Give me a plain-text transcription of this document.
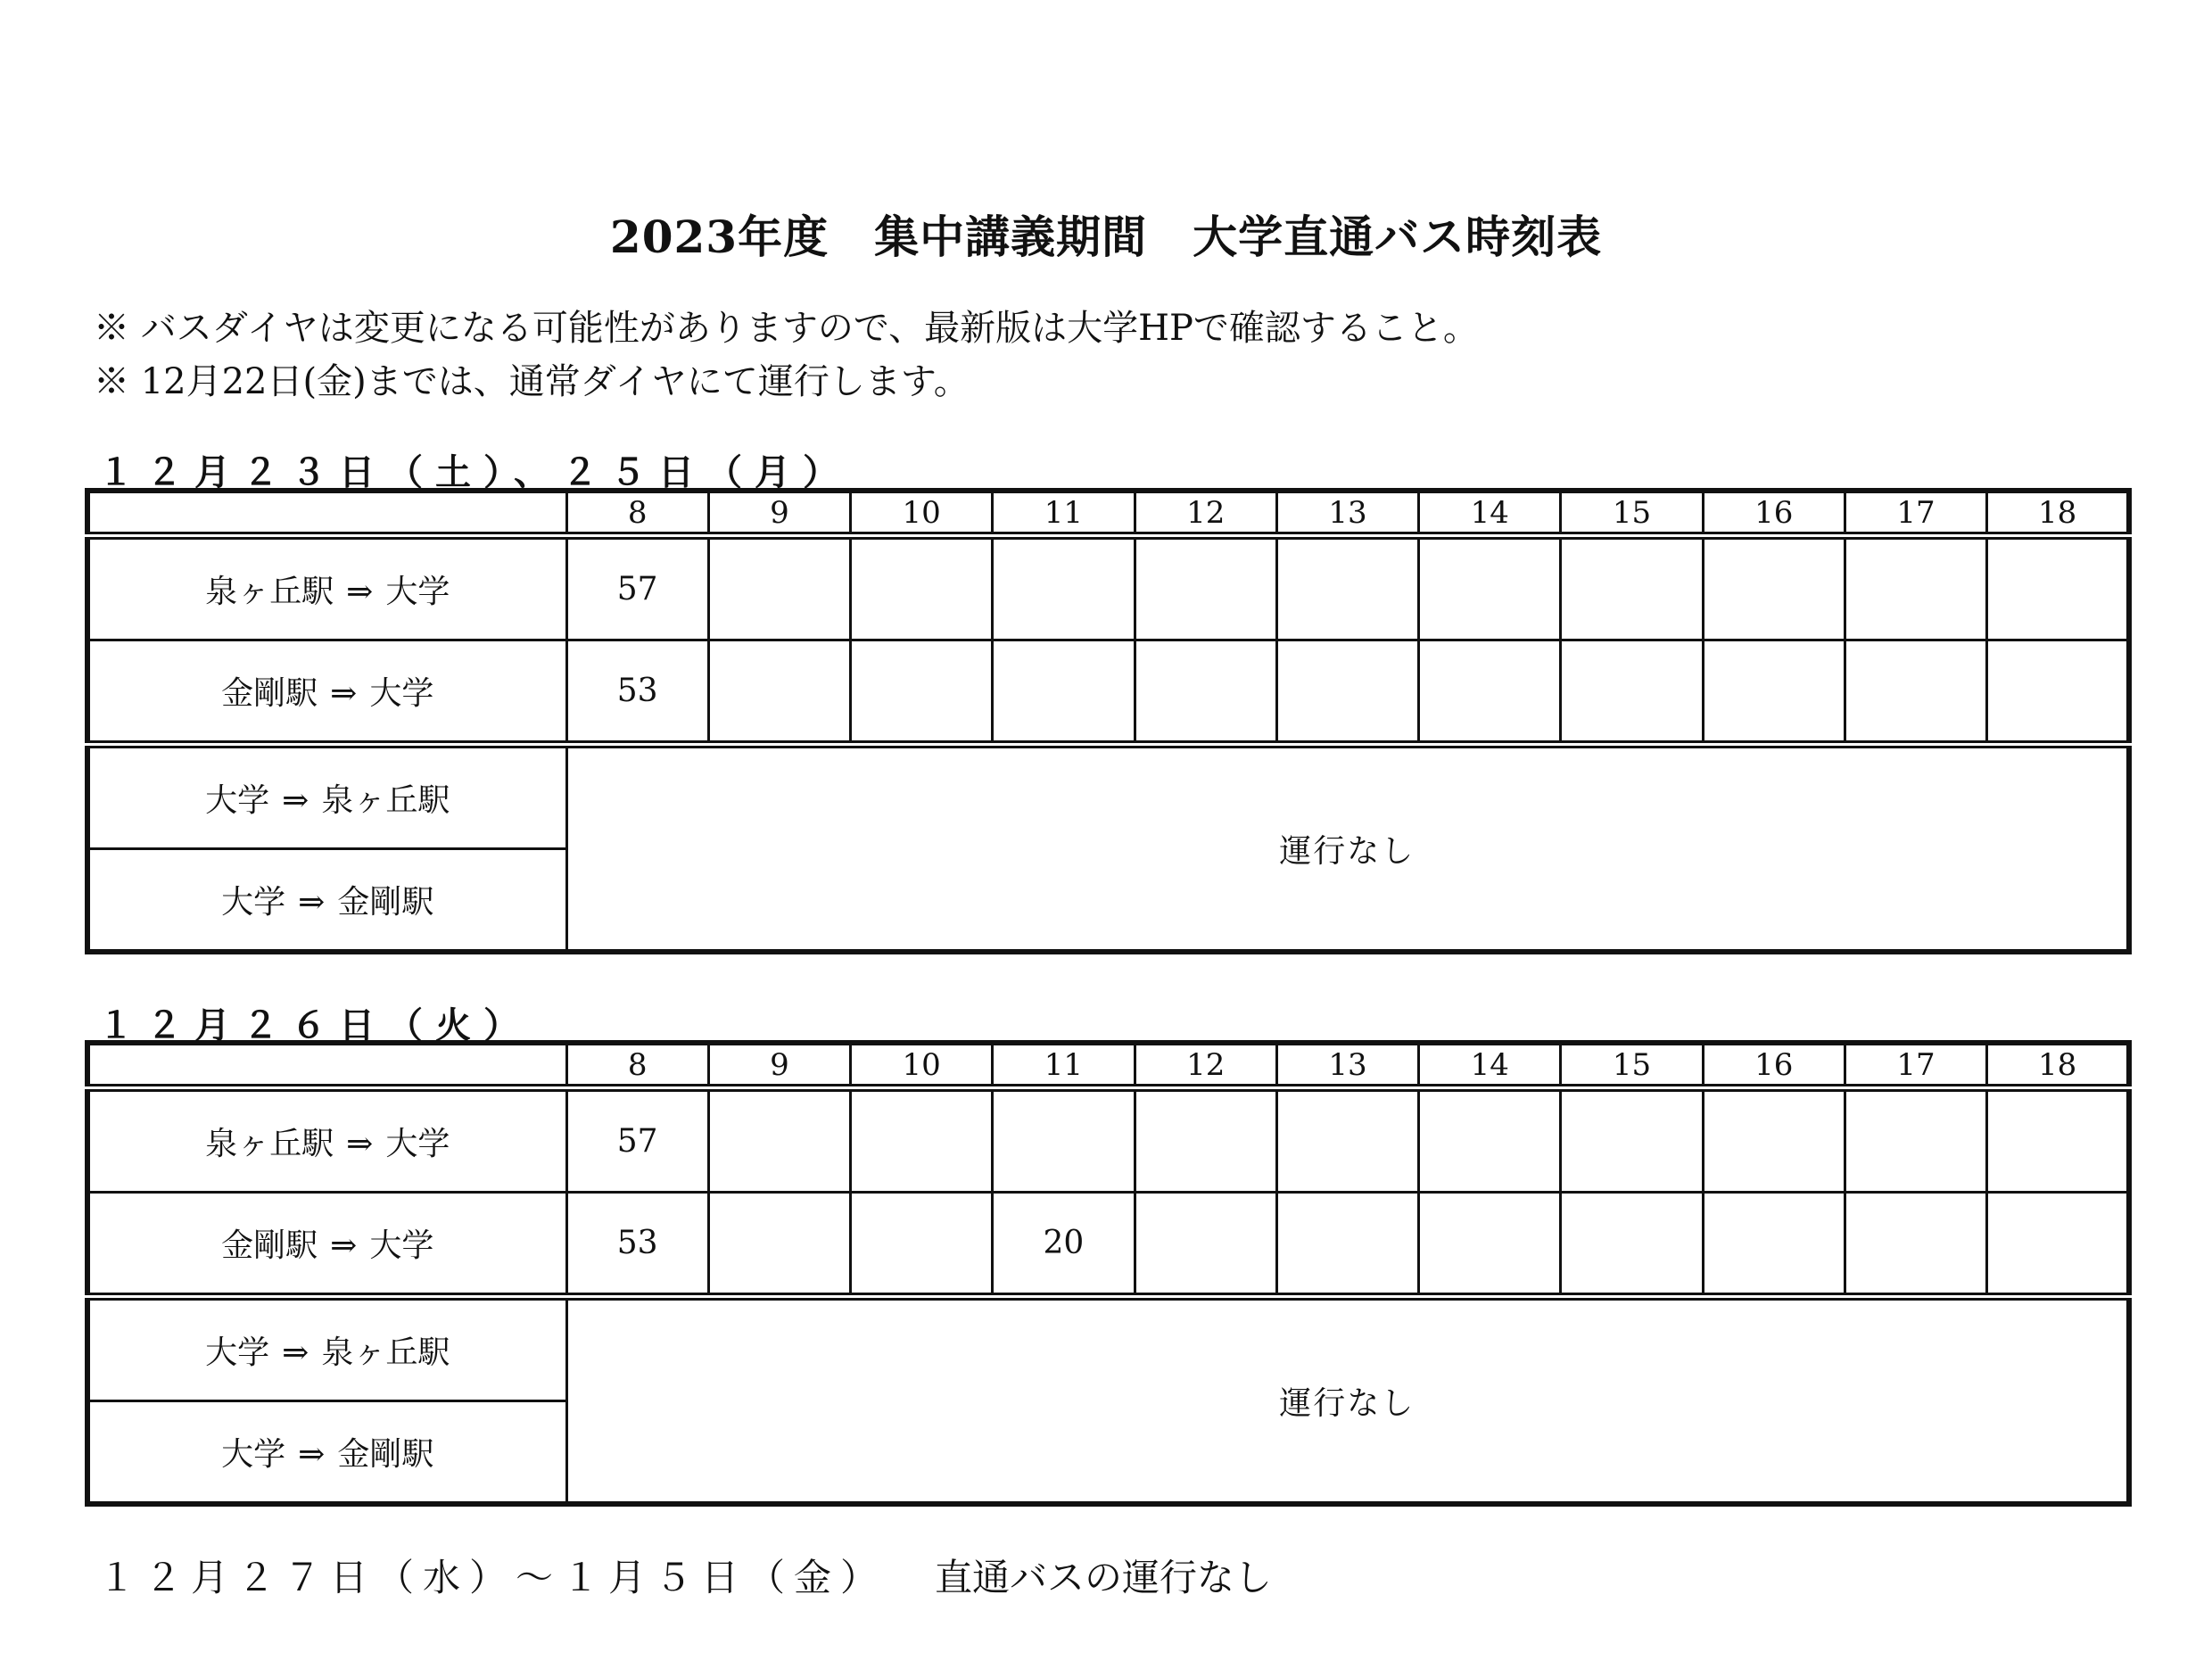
2023年度　集中講義期間　大学直通バス時刻表
※ バスダイヤは変更になる可能性がありますので、最新版は大学HPで確認すること。
※ 12月22日(金)までは、通常ダイヤにて運行します。
１２月２３日（土）、２５日（月）
	8	9	10	11	12	13	14	15	16	17	18
泉ヶ丘駅 ⇒ 大学	57										
金剛駅 ⇒ 大学	53										
大学 ⇒ 泉ヶ丘駅	運行なし										
大学 ⇒ 金剛駅											
１２月２６日（火）
	8	9	10	11	12	13	14	15	16	17	18
泉ヶ丘駅 ⇒ 大学	57										
金剛駅 ⇒ 大学	53			20							
大学 ⇒ 泉ヶ丘駅	運行なし										
大学 ⇒ 金剛駅											
１２月２７日（水）～１月５日（金） 直通バスの運行なし
